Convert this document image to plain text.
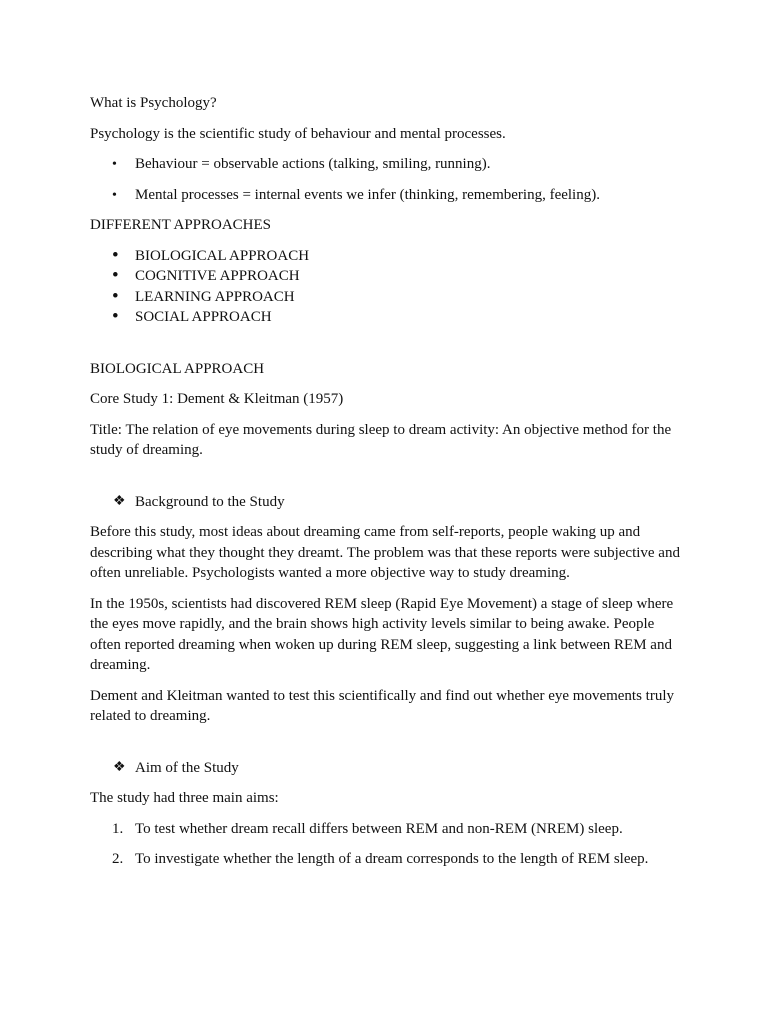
What is Psychology?

Psychology is the scientific study of behaviour and mental processes.

•
Behaviour = observable actions (talking, smiling, running).
•
Mental processes = internal events we infer (thinking, remembering, feeling).

DIFFERENT APPROACHES

•
BIOLOGICAL APPROACH
•
COGNITIVE APPROACH
•
LEARNING APPROACH
•
SOCIAL APPROACH

BIOLOGICAL APPROACH

Core Study 1: Dement & Kleitman (1957)

Title: The relation of eye movements during sleep to dream activity: An objective method for the study of dreaming.

❖ Background to the Study

Before this study, most ideas about dreaming came from self-reports, people waking up and describing what they thought they dreamt. The problem was that these reports were subjective and often unreliable. Psychologists wanted a more objective way to study dreaming.

In the 1950s, scientists had discovered REM sleep (Rapid Eye Movement) a stage of sleep where the eyes move rapidly, and the brain shows high activity levels similar to being awake. People often reported dreaming when woken up during REM sleep, suggesting a link between REM and dreaming.

Dement and Kleitman wanted to test this scientifically and find out whether eye movements truly related to dreaming.

❖ Aim of the Study

The study had three main aims:

1. To test whether dream recall differs between REM and non-REM (NREM) sleep.
2. To investigate whether the length of a dream corresponds to the length of REM sleep.
